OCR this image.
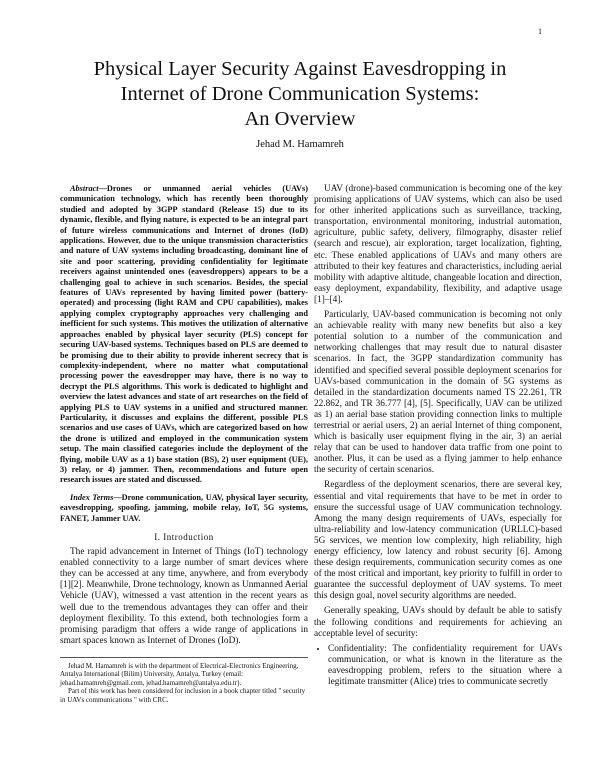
1
Physical Layer Security Against Eavesdropping in
Internet of Drone Communication Systems:
An Overview
Jehad M. Hamamreh

Abstract—Drones or unmanned aerial vehicles (UAVs) communication technology, which has recently been thoroughly studied and adopted by 3GPP standard (Release 15) due to its dynamic, flexible, and flying nature, is expected to be an integral part of future wireless communications and Internet of drones (IoD) applications. However, due to the unique transmission characteristics and nature of UAV systems including broadcasting, dominant line of site and poor scattering, providing confidentiality for legitimate receivers against unintended ones (eavesdroppers) appears to be a challenging goal to achieve in such scenarios. Besides, the special features of UAVs represented by having limited power (battery-operated) and processing (light RAM and CPU capabilities), makes applying complex cryptography approaches very challenging and inefficient for such systems. This motives the utilization of alternative approaches enabled by physical layer security (PLS) concept for securing UAV-based systems. Techniques based on PLS are deemed to be promising due to their ability to provide inherent secrecy that is complexity-independent, where no matter what computational processing power the eavesdropper may have, there is no way to decrypt the PLS algorithms. This work is dedicated to highlight and overview the latest advances and state of art researches on the field of applying PLS to UAV systems in a unified and structured manner. Particularity, it discusses and explains the different, possible PLS scenarios and use cases of UAVs, which are categorized based on how the drone is utilized and employed in the communication system setup. The main classified categories include the deployment of the flying, mobile UAV as a 1) base station (BS), 2) user equipment (UE), 3) relay, or 4) jammer. Then, recommendations and future open research issues are stated and discussed.

Index Terms—Drone communication, UAV, physical layer security, eavesdropping, spoofing, jamming, mobile relay, IoT, 5G systems, FANET, Jammer UAV.

I. Introduction

The rapid advancement in Internet of Things (IoT) technology enabled connectivity to a large number of smart devices where they can be accessed at any time, anywhere, and from everybody [1][2]. Meanwhile, Drone technology, known as Unmanned Aerial Vehicle (UAV), witnessed a vast attention in the recent years as well due to the tremendous advantages they can offer and their deployment flexibility. To this extend, both technologies form a promising paradigm that offers a wide range of applications in smart spaces known as Internet of Drones (IoD).

Jehad M. Hamamreh is with the department of Electrical-Electronics Engineering, Antalya International (Bilim) University, Antalya, Turkey (email: jehad.hamamreh@gmail.com, jehad.hamamreh@antalya.edu.tr).
Part of this work has been considered for inclusion in a book chapter titled " security in UAVs communications " with CRC.

UAV (drone)-based communication is becoming one of the key promising applications of UAV systems, which can also be used for other inherited applications such as surveillance, tracking, transportation, environmental monitoring, industrial automation, agriculture, public safety, delivery, filmography, disaster relief (search and rescue), air exploration, target localization, fighting, etc. These enabled applications of UAVs and many others are attributed to their key features and characteristics, including aerial mobility with adaptive altitude, changeable location and direction, easy deployment, expandability, flexibility, and adaptive usage [1]–[4].

Particularly, UAV-based communication is becoming not only an achievable reality with many new benefits but also a key potential solution to a number of the communication and networking challenges that may result due to natural disaster scenarios. In fact, the 3GPP standardization community has identified and specified several possible deployment scenarios for UAVs-based communication in the domain of 5G systems as detailed in the standardization documents named TS 22.261, TR 22.862, and TR 36.777 [4], [5]. Specifically, UAV can be utilized as 1) an aerial base station providing connection links to multiple terrestrial or aerial users, 2) an aerial Internet of thing component, which is basically user equipment flying in the air, 3) an aerial relay that can be used to handover data traffic from one point to another. Plus, it can be used as a flying jammer to help enhance the security of certain scenarios.

Regardless of the deployment scenarios, there are several key, essential and vital requirements that have to be met in order to ensure the successful usage of UAV communication technology. Among the many design requirements of UAVs, especially for ultra-reliability and low-latency communication (URLLC)-based 5G services, we mention low complexity, high reliability, high energy efficiency, low latency and robust security [6]. Among these design requirements, communication security comes as one of the most critical and important, key priority to fulfill in order to guarantee the successful deployment of UAV systems. To meet this design goal, novel security algorithms are needed.

Generally speaking, UAVs should by default be able to satisfy the following conditions and requirements for achieving an acceptable level of security:

• Confidentiality: The confidentiality requirement for UAVs communication, or what is known in the literature as the eavesdropping problem, refers to the situation where a legitimate transmitter (Alice) tries to communicate secretly
